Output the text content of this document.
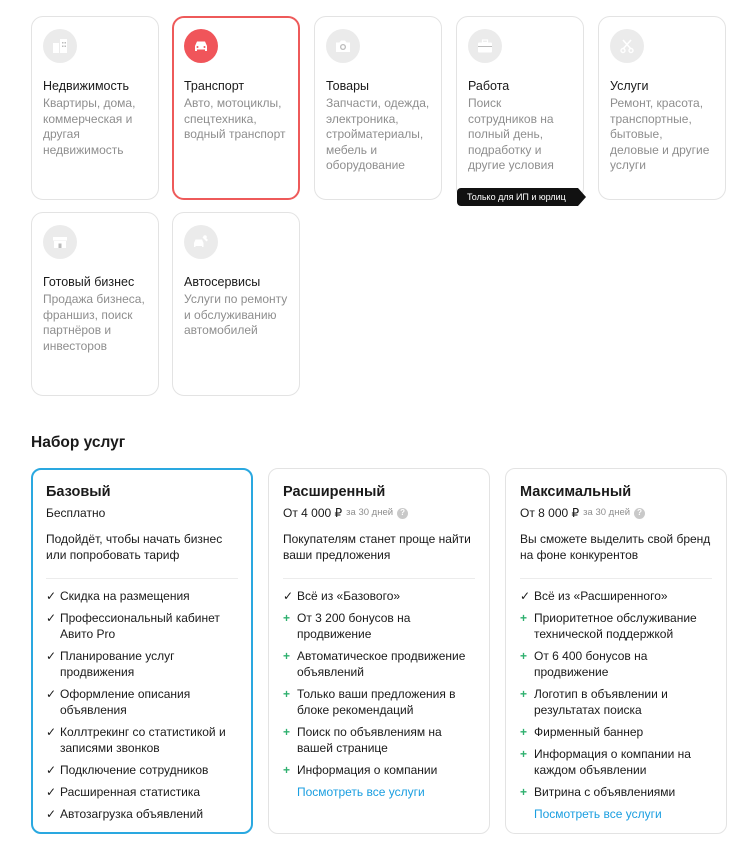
Недвижимость
Квартиры, дома, коммерческая и другая недвижимость
Транспорт
Авто, мотоциклы, спецтехника, водный транспорт
Товары
Запчасти, одежда, электроника, стройматериалы, мебель и оборудование
Работа
Поиск сотрудников на полный день, подработку и другие условия
Услуги
Ремонт, красота, транспортные, бытовые, деловые и другие услуги
Только для ИП и юрлиц
Готовый бизнес
Продажа бизнеса, франшиз, поиск партнёров и инвесторов
Автосервисы
Услуги по ремонту и обслуживанию автомобилей
Набор услуг
Базовый
Бесплатно
Подойдёт, чтобы начать бизнес или попробовать тариф
✓ Скидка на размещения
✓ Профессиональный кабинет Авито Pro
✓ Планирование услуг продвижения
✓ Оформление описания объявления
✓ Коллтрекинг со статистикой и записями звонков
✓ Подключение сотрудников
✓ Расширенная статистика
✓ Автозагрузка объявлений
Расширенный
От 4 000 ₽ за 30 дней ?
Покупателям станет проще найти ваши предложения
✓ Всё из «Базового»
+ От 3 200 бонусов на продвижение
+ Автоматическое продвижение объявлений
+ Только ваши предложения в блоке рекомендаций
+ Поиск по объявлениям на вашей странице
+ Информация о компании
Посмотреть все услуги
Максимальный
От 8 000 ₽ за 30 дней ?
Вы сможете выделить свой бренд на фоне конкурентов
✓ Всё из «Расширенного»
+ Приоритетное обслуживание технической поддержкой
+ От 6 400 бонусов на продвижение
+ Логотип в объявлении и результатах поиска
+ Фирменный баннер
+ Информация о компании на каждом объявлении
+ Витрина с объявлениями
Посмотреть все услуги
